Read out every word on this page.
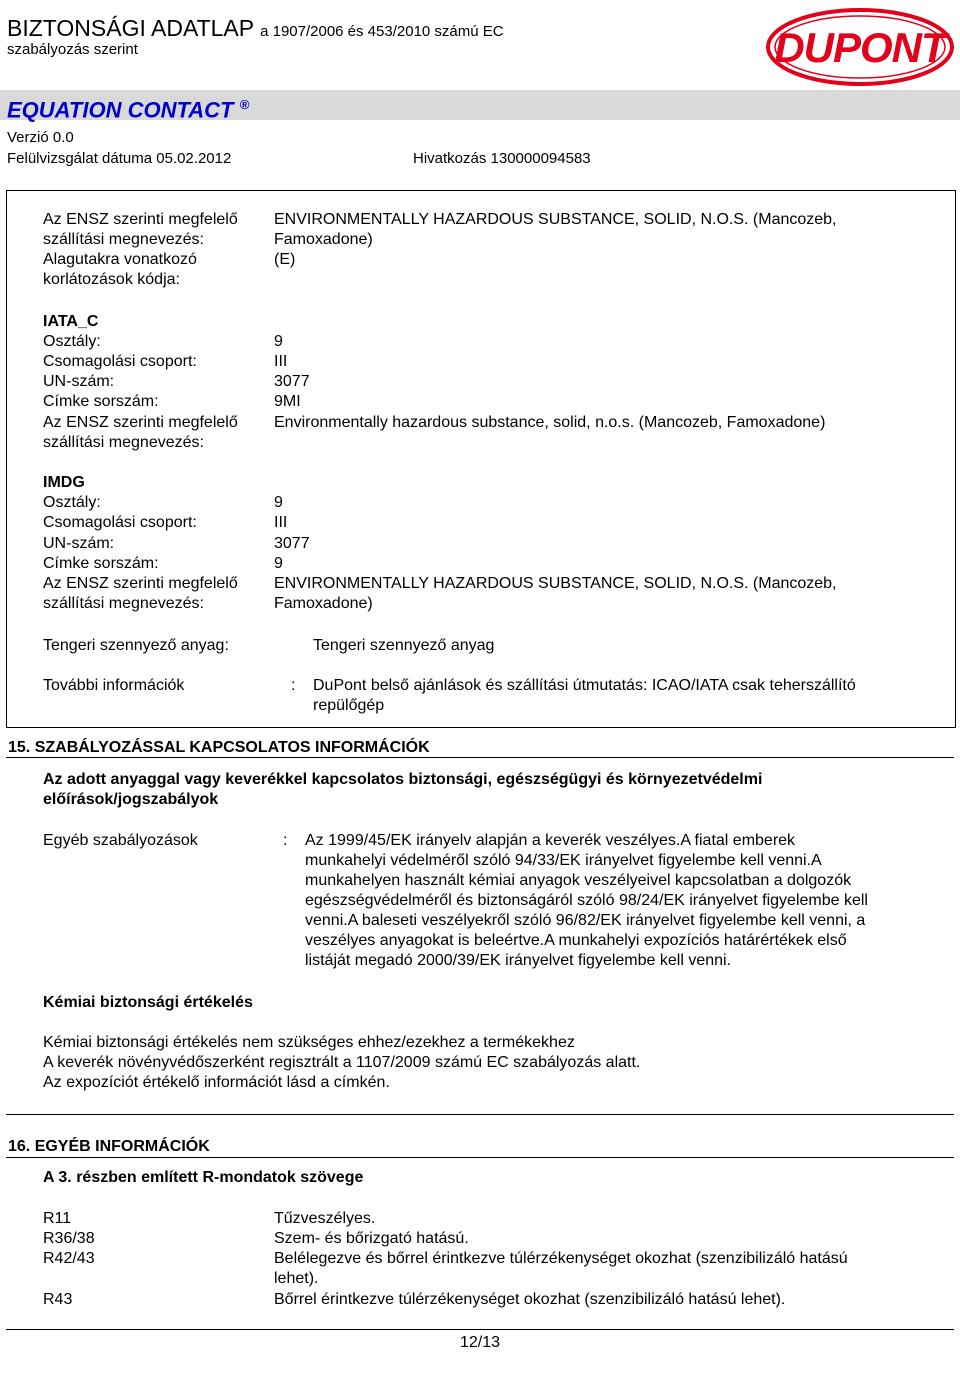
BIZTONSÁGI ADATLAP a 1907/2006 és 453/2010 számú EC
szabályozás szerint	DUPONT
EQUATION CONTACT ®
Verzió 0.0
Felülvizsgálat dátuma 05.02.2012	Hivatkozás 130000094583
Az ENSZ szerinti megfelelő
szállítási megnevezés:
ENVIRONMENTALLY HAZARDOUS SUBSTANCE, SOLID, N.O.S. (Mancozeb,
Famoxadone)
Alagutakra vonatkozó
korlátozások kódja:
(E)
IATA_C
Osztály:	9
Csomagolási csoport:	III
UN-szám:	3077
Címke sorszám:	9MI
Az ENSZ szerinti megfelelő
szállítási megnevezés:
Environmentally hazardous substance, solid, n.o.s. (Mancozeb, Famoxadone)
IMDG
Osztály:	9
Csomagolási csoport:	III
UN-szám:	3077
Címke sorszám:	9
Az ENSZ szerinti megfelelő
szállítási megnevezés:
ENVIRONMENTALLY HAZARDOUS SUBSTANCE, SOLID, N.O.S. (Mancozeb,
Famoxadone)
Tengeri szennyező anyag:	Tengeri szennyező anyag
További információk	: DuPont belső ajánlások és szállítási útmutatás: ICAO/IATA csak teherszállító
repülőgép
15. SZABÁLYOZÁSSAL KAPCSOLATOS INFORMÁCIÓK
Az adott anyaggal vagy keverékkel kapcsolatos biztonsági, egészségügyi és környezetvédelmi
előírások/jogszabályok
Egyéb szabályozások	: Az 1999/45/EK irányelv alapján a keverék veszélyes.A fiatal emberek
munkahelyi védelméről szóló 94/33/EK irányelvet figyelembe kell venni.A
munkahelyen használt kémiai anyagok veszélyeivel kapcsolatban a dolgozók
egészségvédelméről és biztonságáról szóló 98/24/EK irányelvet figyelembe kell
venni.A baleseti veszélyekről szóló 96/82/EK irányelvet figyelembe kell venni, a
veszélyes anyagokat is beleértve.A munkahelyi expozíciós határértékek első
listáját megadó 2000/39/EK irányelvet figyelembe kell venni.
Kémiai biztonsági értékelés
Kémiai biztonsági értékelés nem szükséges ehhez/ezekhez a termékekhez
A keverék növényvédőszerként regisztrált a 1107/2009 számú EC szabályozás alatt.
Az expozíciót értékelő információt lásd a címkén.
16. EGYÉB INFORMÁCIÓK
A 3. részben említett R-mondatok szövege
R11	Tűzveszélyes.
R36/38	Szem- és bőrizgató hatású.
R42/43	Belélegezve és bőrrel érintkezve túlérzékenységet okozhat (szenzibilizáló hatású
lehet).
R43	Bőrrel érintkezve túlérzékenységet okozhat (szenzibilizáló hatású lehet).
12/13
